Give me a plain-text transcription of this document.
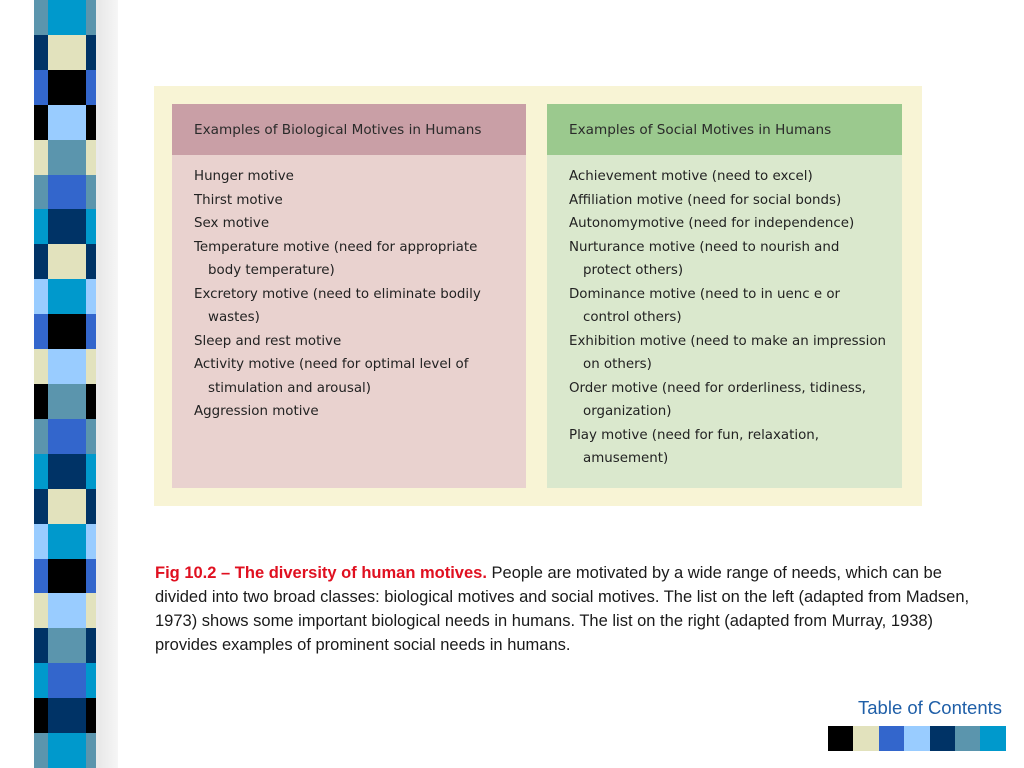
Examples of Biological Motives in Humans
Hunger motive
Thirst motive
Sex motive
Temperature motive (need for appropriate body temperature)
Excretory motive (need to eliminate bodily wastes)
Sleep and rest motive
Activity motive (need for optimal level of stimulation and arousal)
Aggression motive
Examples of Social Motives in Humans
Achievement motive (need to excel)
Affiliation motive (need for social bonds)
Autonomymotive (need for independence)
Nurturance motive (need to nourish and protect others)
Dominance motive (need to in uenc e or control others)
Exhibition motive (need to make an impression on others)
Order motive (need for orderliness, tidiness, organization)
Play motive (need for fun, relaxation, amusement)
Fig 10.2 – The diversity of human motives. People are motivated by a wide range of needs, which can be divided into two broad classes: biological motives and social motives. The list on the left (adapted from Madsen, 1973) shows some important biological needs in humans. The list on the right (adapted from Murray, 1938) provides examples of prominent social needs in humans.
Table of Contents
